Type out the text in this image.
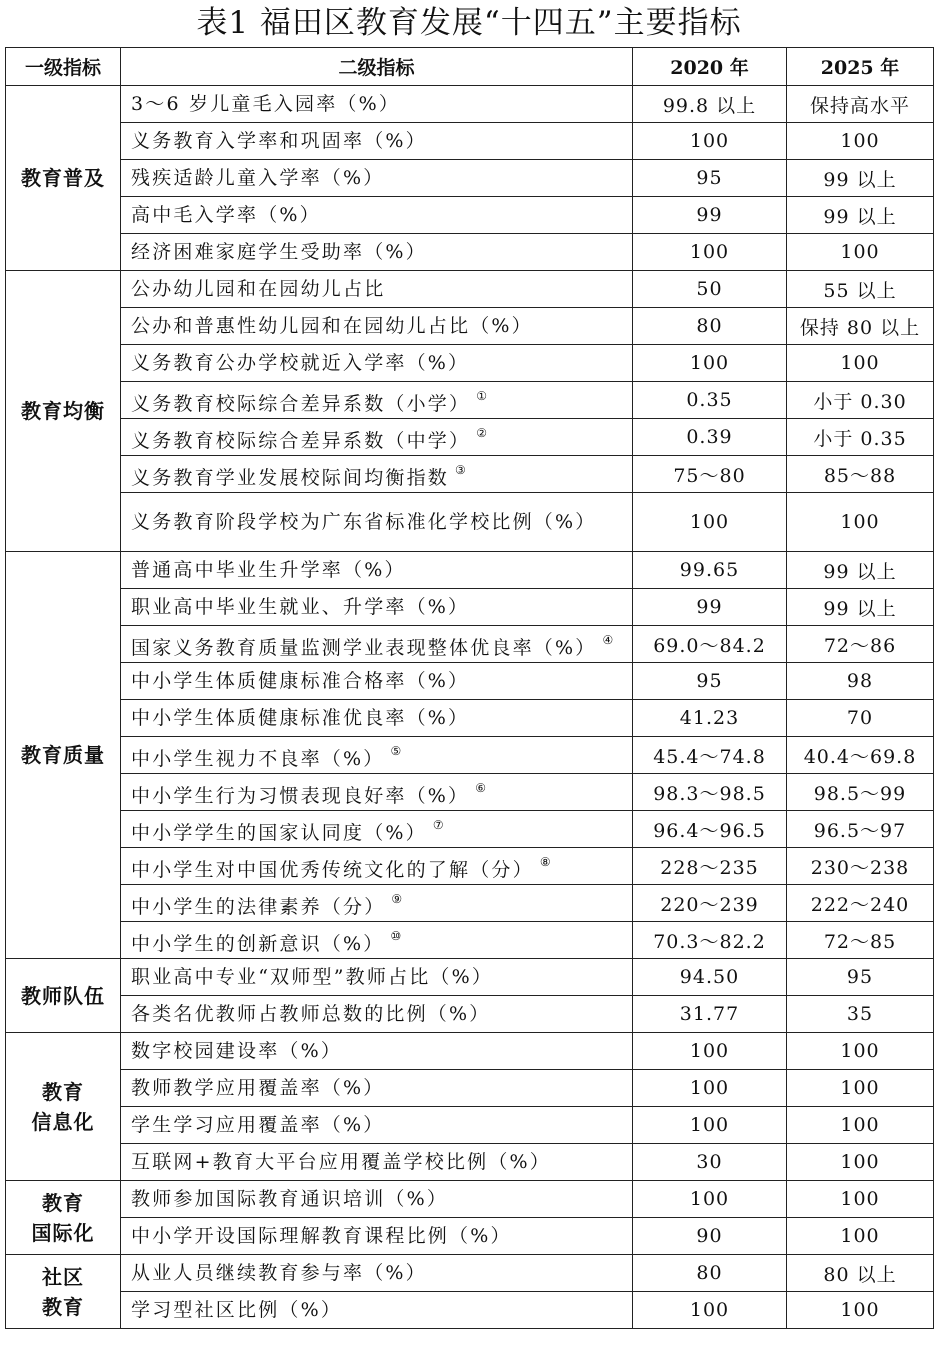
表1 福田区教育发展“十四五”主要指标
一级指标	二级指标	2020 年	2025 年
教育普及	3～6 岁儿童毛入园率（%）	99.8 以上	保持高水平
	义务教育入学率和巩固率（%）	100	100
	残疾适龄儿童入学率（%）	95	99 以上
	高中毛入学率（%）	99	99 以上
	经济困难家庭学生受助率（%）	100	100
教育均衡	公办幼儿园和在园幼儿占比	50	55 以上
	公办和普惠性幼儿园和在园幼儿占比（%）	80	保持 80 以上
	义务教育公办学校就近入学率（%）	100	100
	义务教育校际综合差异系数（小学） ①	0.35	小于 0.30
	义务教育校际综合差异系数（中学） ②	0.39	小于 0.35
	义务教育学业发展校际间均衡指数 ③	75～80	85～88
	义务教育阶段学校为广东省标准化学校比例（%）	100	100
教育质量	普通高中毕业生升学率（%）	99.65	99 以上
	职业高中毕业生就业、升学率（%）	99	99 以上
	国家义务教育质量监测学业表现整体优良率（%） ④	69.0～84.2	72～86
	中小学生体质健康标准合格率（%）	95	98
	中小学生体质健康标准优良率（%）	41.23	70
	中小学生视力不良率（%） ⑤	45.4～74.8	40.4～69.8
	中小学生行为习惯表现良好率（%） ⑥	98.3～98.5	98.5～99
	中小学学生的国家认同度（%） ⑦	96.4～96.5	96.5～97
	中小学生对中国优秀传统文化的了解（分） ⑧	228～235	230～238
	中小学生的法律素养（分） ⑨	220～239	222～240
	中小学生的创新意识（%） ⑩	70.3～82.2	72～85
教师队伍	职业高中专业“双师型”教师占比（%）	94.50	95
	各类名优教师占教师总数的比例（%）	31.77	35
教育
信息化	数字校园建设率（%）	100	100
	教师教学应用覆盖率（%）	100	100
	学生学习应用覆盖率（%）	100	100
	互联网+教育大平台应用覆盖学校比例（%）	30	100
教育
国际化	教师参加国际教育通识培训（%）	100	100
	中小学开设国际理解教育课程比例（%）	90	100
社区
教育	从业人员继续教育参与率（%）	80	80 以上
	学习型社区比例（%）	100	100
